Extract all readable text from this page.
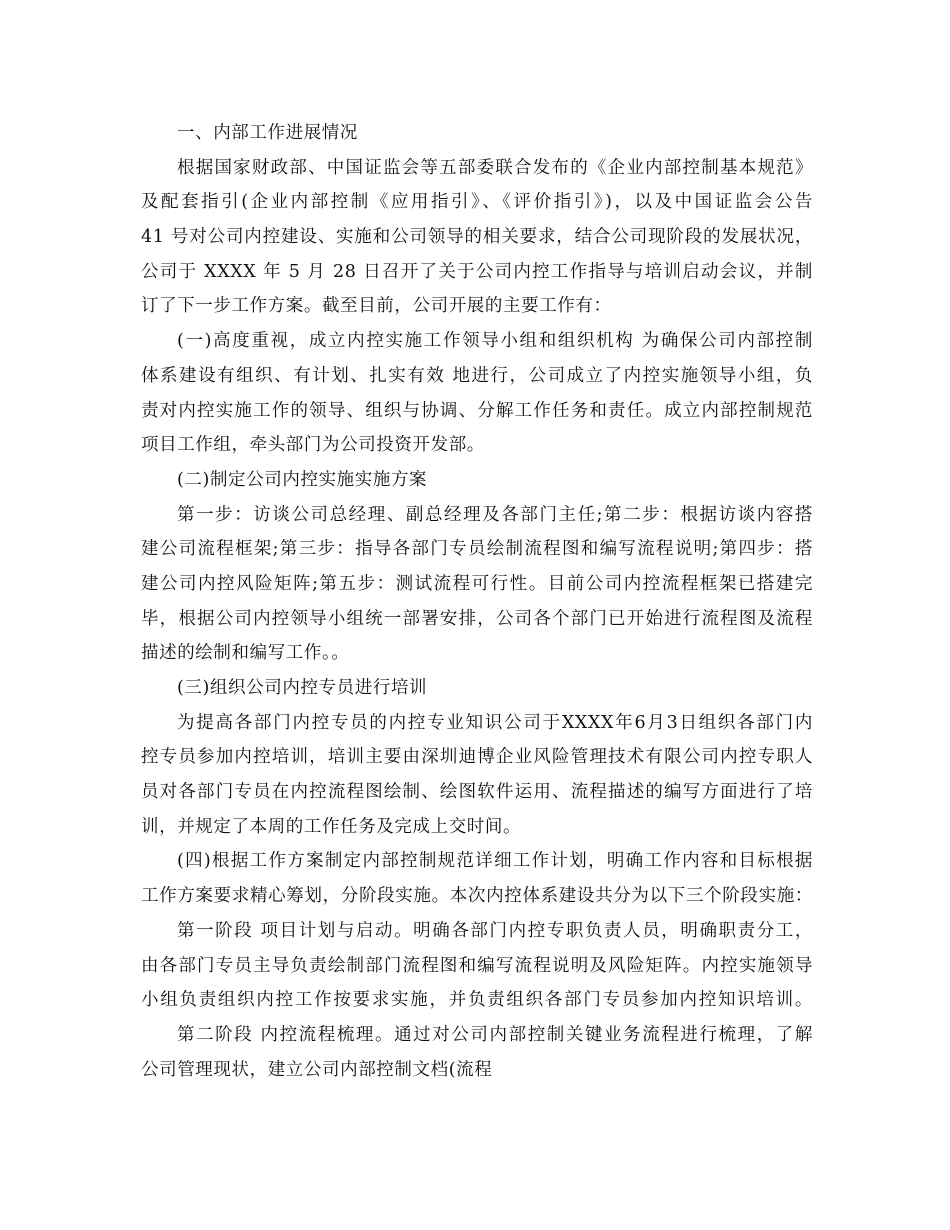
一、内部工作进展情况
根据国家财政部、中国证监会等五部委联合发布的《企业内部控制基本规范》
及配套指引(企业内部控制《应用指引》、《评价指引》)，以及中国证监会公告
41 号对公司内控建设、实施和公司领导的相关要求，结合公司现阶段的发展状况，
公司于 XXXX 年 5 月 28 日召开了关于公司内控工作指导与培训启动会议，并制
订了下一步工作方案。截至目前，公司开展的主要工作有：
(一)高度重视，成立内控实施工作领导小组和组织机构 为确保公司内部控制
体系建设有组织、有计划、扎实有效 地进行，公司成立了内控实施领导小组，负
责对内控实施工作的领导、组织与协调、分解工作任务和责任。成立内部控制规范
项目工作组，牵头部门为公司投资开发部。
(二)制定公司内控实施实施方案
第一步：访谈公司总经理、副总经理及各部门主任;第二步：根据访谈内容搭
建公司流程框架;第三步：指导各部门专员绘制流程图和编写流程说明;第四步：搭
建公司内控风险矩阵;第五步：测试流程可行性。目前公司内控流程框架已搭建完
毕，根据公司内控领导小组统一部署安排，公司各个部门已开始进行流程图及流程
描述的绘制和编写工作。。
(三)组织公司内控专员进行培训
为提高各部门内控专员的内控专业知识公司于XXXX年6月3日组织各部门内
控专员参加内控培训，培训主要由深圳迪博企业风险管理技术有限公司内控专职人
员对各部门专员在内控流程图绘制、绘图软件运用、流程描述的编写方面进行了培
训，并规定了本周的工作任务及完成上交时间。
(四)根据工作方案制定内部控制规范详细工作计划，明确工作内容和目标根据
工作方案要求精心筹划，分阶段实施。本次内控体系建设共分为以下三个阶段实施：
第一阶段 项目计划与启动。明确各部门内控专职负责人员，明确职责分工，
由各部门专员主导负责绘制部门流程图和编写流程说明及风险矩阵。内控实施领导
小组负责组织内控工作按要求实施，并负责组织各部门专员参加内控知识培训。
第二阶段 内控流程梳理。通过对公司内部控制关键业务流程进行梳理，了解
公司管理现状，建立公司内部控制文档(流程
